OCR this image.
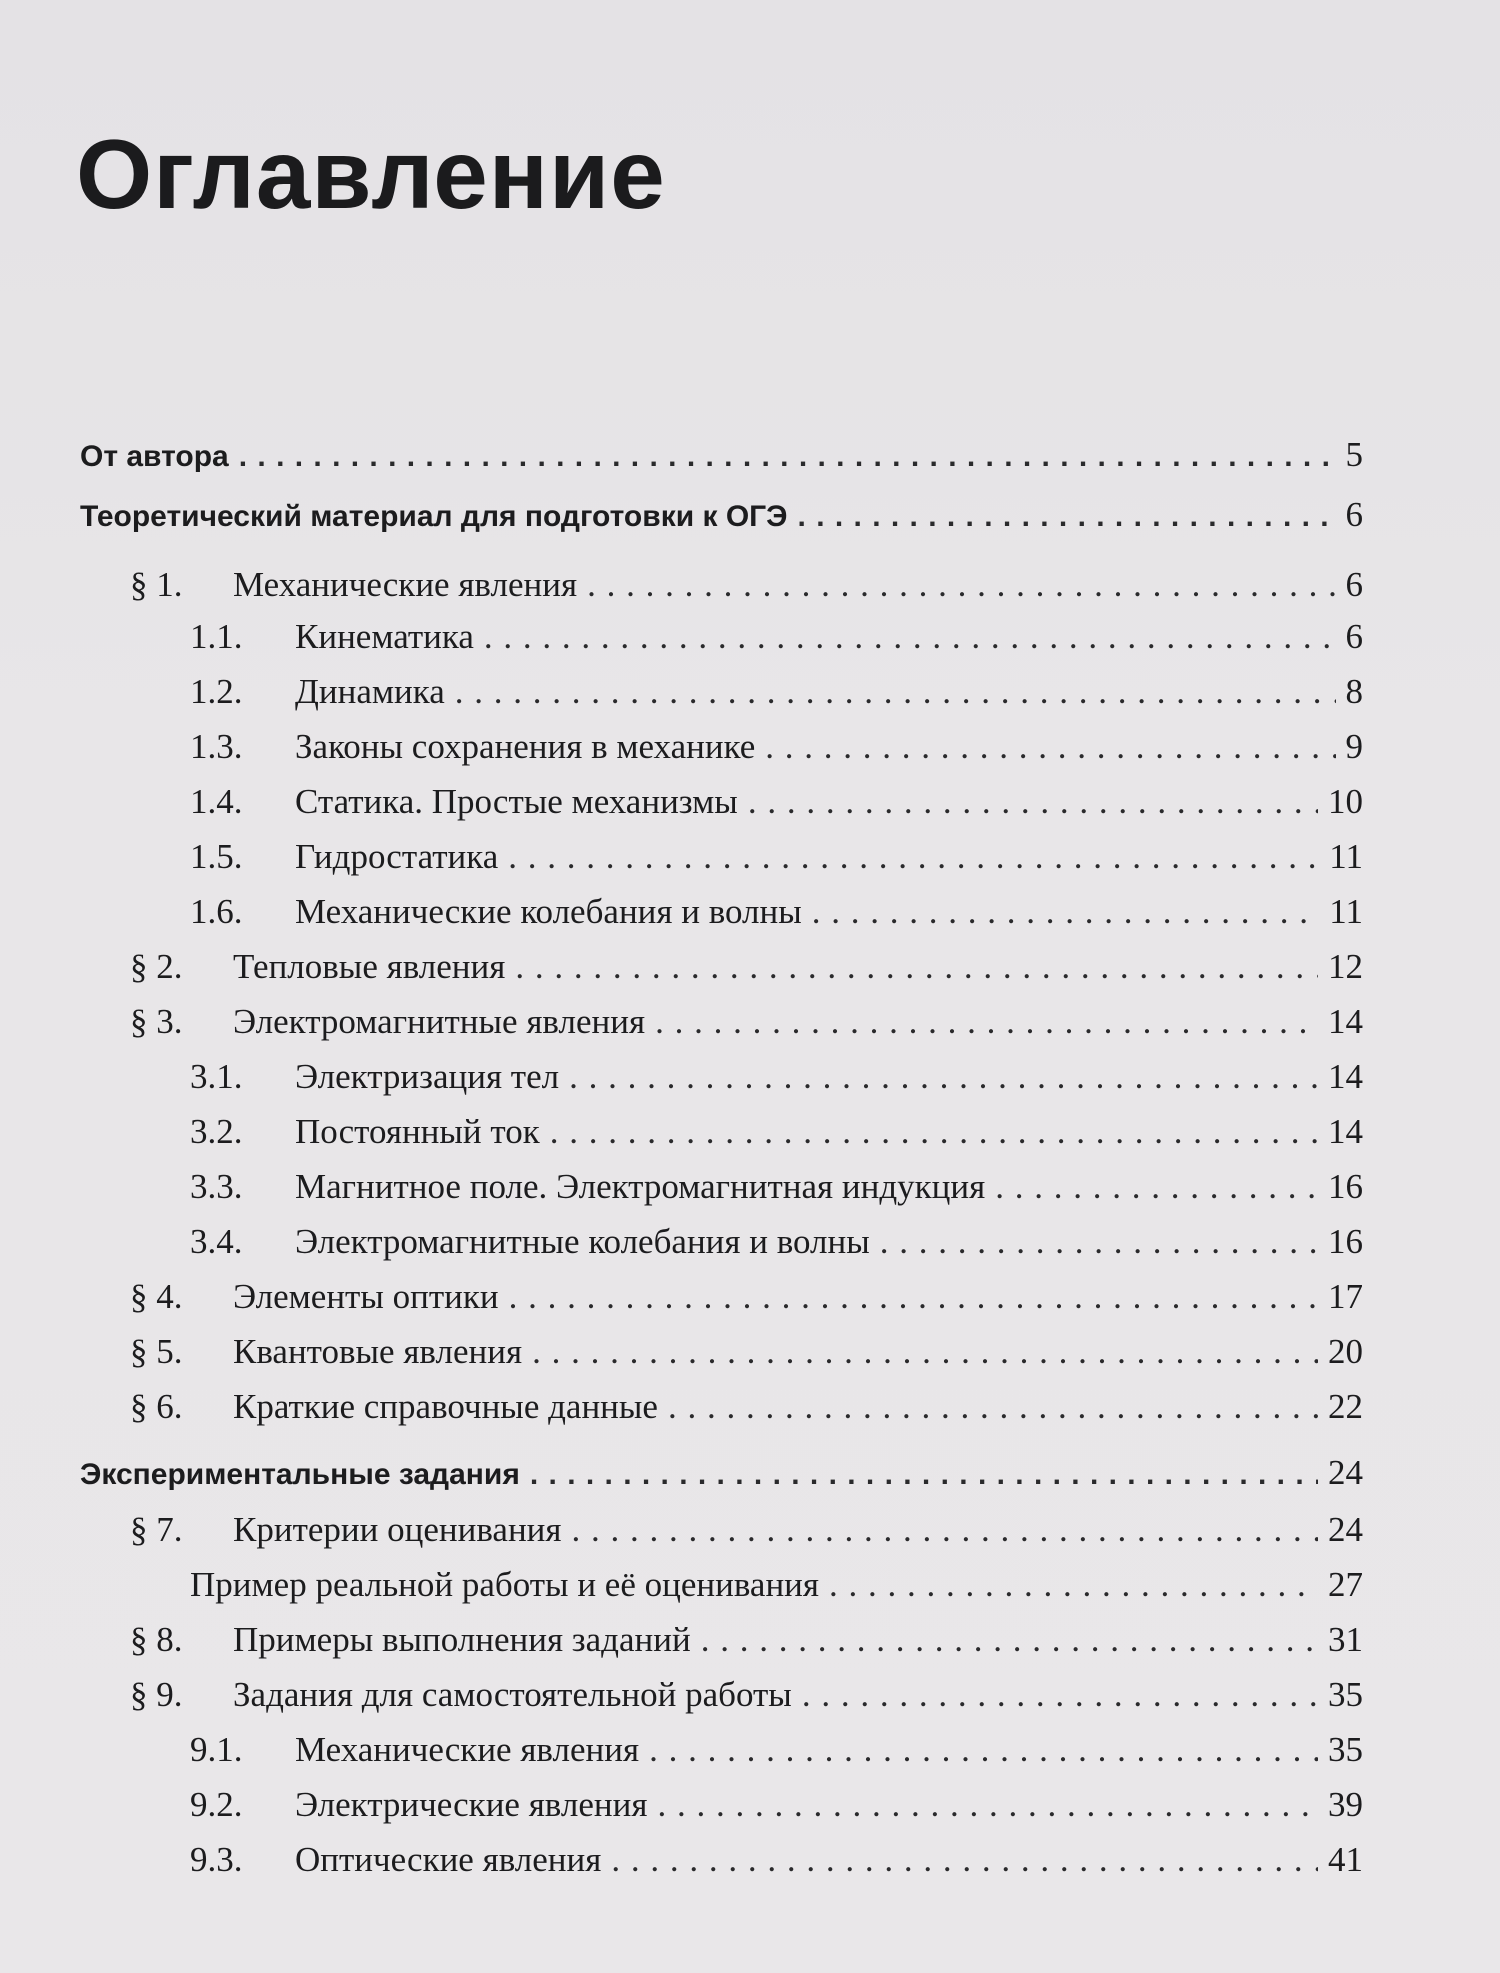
Оглавление
От автора . . .	5
Теоретический материал для подготовки к ОГЭ . . .	6
§ 1.	Механические явления . . .	6
1.1.	Кинематика . . .	6
1.2.	Динамика . . .	8
1.3.	Законы сохранения в механике . . .	9
1.4.	Статика. Простые механизмы . . .	10
1.5.	Гидростатика . . .	11
1.6.	Механические колебания и волны . . .	11
§ 2.	Тепловые явления . . .	12
§ 3.	Электромагнитные явления . . .	14
3.1.	Электризация тел . . .	14
3.2.	Постоянный ток . . .	14
3.3.	Магнитное поле. Электромагнитная индукция . . .	16
3.4.	Электромагнитные колебания и волны . . .	16
§ 4.	Элементы оптики . . .	17
§ 5.	Квантовые явления . . .	20
§ 6.	Краткие справочные данные . . .	22
Экспериментальные задания . . .	24
§ 7.	Критерии оценивания . . .	24
Пример реальной работы и её оценивания . . .	27
§ 8.	Примеры выполнения заданий . . .	31
§ 9.	Задания для самостоятельной работы . . .	35
9.1.	Механические явления . . .	35
9.2.	Электрические явления . . .	39
9.3.	Оптические явления . . .	41
